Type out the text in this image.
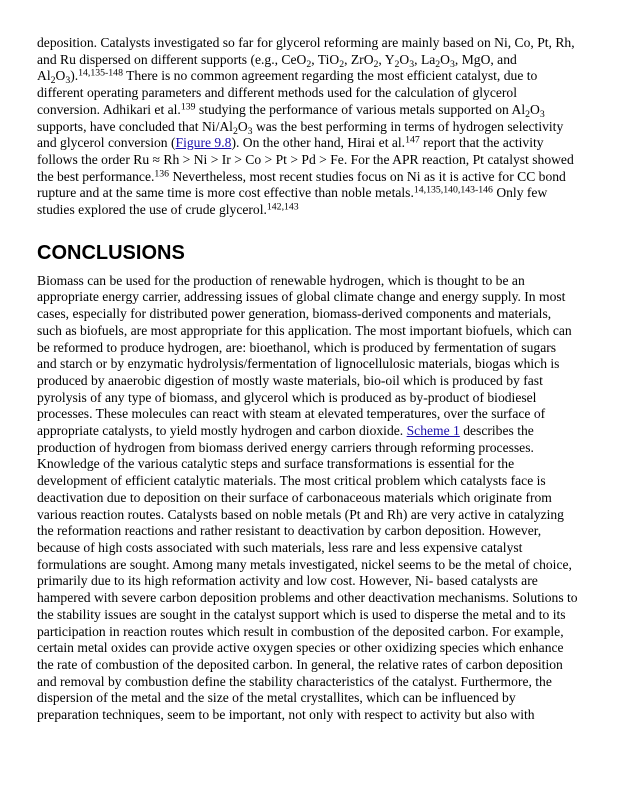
deposition. Catalysts investigated so far for glycerol reforming are mainly based on Ni, Co, Pt, Rh, and Ru dispersed on different supports (e.g., CeO$_2$, TiO$_2$, ZrO$_2$, $Y_2O_3$, $La_2O_3$, MgO, and $Al_2O_3).^{14,135-148}$ There is no common agreement regarding the most efficient catalyst, due to different operating parameters and different methods used for the calculation of glycerol conversion. Adhikari et al.$^{139}$ studying the performance of various metals supported on $Al_2O_3$ supports, have concluded that $Ni/Al_2O_3$ was the best performing in terms of hydrogen selectivity and glycerol conversion (Figure 9.8). On the other hand, Hirai et al.$^{147}$ report that the activity follows the order Ru ≈ Rh > Ni > Ir > Co > Pt > Pd > Fe. For the APR reaction, Pt catalyst showed the best performance.$^{136}$ Nevertheless, most recent studies focus on Ni as it is active for CC bond rupture and at the same time is more cost effective than noble metals.$^{14,135,140,143-146}$ Only few studies explored the use of crude glycerol.$^{142,143}$

CONCLUSIONS

Biomass can be used for the production of renewable hydrogen, which is thought to be an appropriate energy carrier, addressing issues of global climate change and energy supply. In most cases, especially for distributed power generation, biomass-derived components and materials, such as biofuels, are most appropriate for this application. The most important biofuels, which can be reformed to produce hydrogen, are: bioethanol, which is produced by fermentation of sugars and starch or by enzymatic hydrolysis/fermentation of lignocellulosic materials, biogas which is produced by anaerobic digestion of mostly waste materials, bio-oil which is produced by fast pyrolysis of any type of biomass, and glycerol which is produced as by-product of biodiesel processes. These molecules can react with steam at elevated temperatures, over the surface of appropriate catalysts, to yield mostly hydrogen and carbon dioxide. Scheme 1 describes the production of hydrogen from biomass derived energy carriers through reforming processes. Knowledge of the various catalytic steps and surface transformations is essential for the development of efficient catalytic materials. The most critical problem which catalysts face is deactivation due to deposition on their surface of carbonaceous materials which originate from various reaction routes. Catalysts based on noble metals (Pt and Rh) are very active in catalyzing the reformation reactions and rather resistant to deactivation by carbon deposition. However, because of high costs associated with such materials, less rare and less expensive catalyst formulations are sought. Among many metals investigated, nickel seems to be the metal of choice, primarily due to its high reformation activity and low cost. However, Ni- based catalysts are hampered with severe carbon deposition problems and other deactivation mechanisms. Solutions to the stability issues are sought in the catalyst support which is used to disperse the metal and to its participation in reaction routes which result in combustion of the deposited carbon. For example, certain metal oxides can provide active oxygen species or other oxidizing species which enhance the rate of combustion of the deposited carbon. In general, the relative rates of carbon deposition and removal by combustion define the stability characteristics of the catalyst. Furthermore, the dispersion of the metal and the size of the metal crystallites, which can be influenced by preparation techniques, seem to be important, not only with respect to activity but also with
